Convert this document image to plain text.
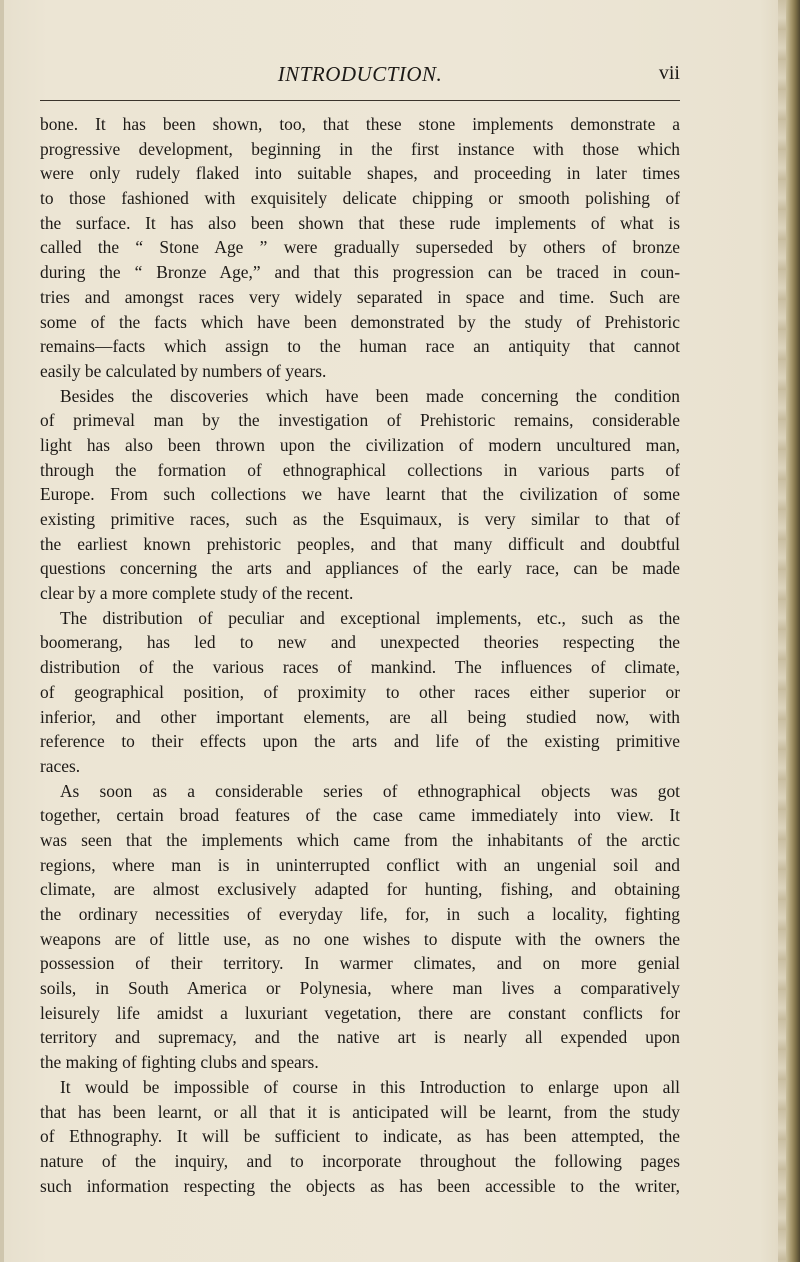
INTRODUCTION.	vii
bone. It has been shown, too, that these stone implements demonstrate a
progressive development, beginning in the first instance with those which
were only rudely flaked into suitable shapes, and proceeding in later times
to those fashioned with exquisitely delicate chipping or smooth polishing of
the surface. It has also been shown that these rude implements of what is
called the “ Stone Age ” were gradually superseded by others of bronze
during the “ Bronze Age,” and that this progression can be traced in coun-
tries and amongst races very widely separated in space and time. Such are
some of the facts which have been demonstrated by the study of Prehistoric
remains—facts which assign to the human race an antiquity that cannot
easily be calculated by numbers of years.
Besides the discoveries which have been made concerning the condition
of primeval man by the investigation of Prehistoric remains, considerable
light has also been thrown upon the civilization of modern uncultured man,
through the formation of ethnographical collections in various parts of
Europe. From such collections we have learnt that the civilization of some
existing primitive races, such as the Esquimaux, is very similar to that of
the earliest known prehistoric peoples, and that many difficult and doubtful
questions concerning the arts and appliances of the early race, can be made
clear by a more complete study of the recent.
The distribution of peculiar and exceptional implements, etc., such as the
boomerang, has led to new and unexpected theories respecting the
distribution of the various races of mankind. The influences of climate,
of geographical position, of proximity to other races either superior or
inferior, and other important elements, are all being studied now, with
reference to their effects upon the arts and life of the existing primitive
races.
As soon as a considerable series of ethnographical objects was got
together, certain broad features of the case came immediately into view. It
was seen that the implements which came from the inhabitants of the arctic
regions, where man is in uninterrupted conflict with an ungenial soil and
climate, are almost exclusively adapted for hunting, fishing, and obtaining
the ordinary necessities of everyday life, for, in such a locality, fighting
weapons are of little use, as no one wishes to dispute with the owners the
possession of their territory. In warmer climates, and on more genial
soils, in South America or Polynesia, where man lives a comparatively
leisurely life amidst a luxuriant vegetation, there are constant conflicts for
territory and supremacy, and the native art is nearly all expended upon
the making of fighting clubs and spears.
It would be impossible of course in this Introduction to enlarge upon all
that has been learnt, or all that it is anticipated will be learnt, from the study
of Ethnography. It will be sufficient to indicate, as has been attempted, the
nature of the inquiry, and to incorporate throughout the following pages
such information respecting the objects as has been accessible to the writer,
